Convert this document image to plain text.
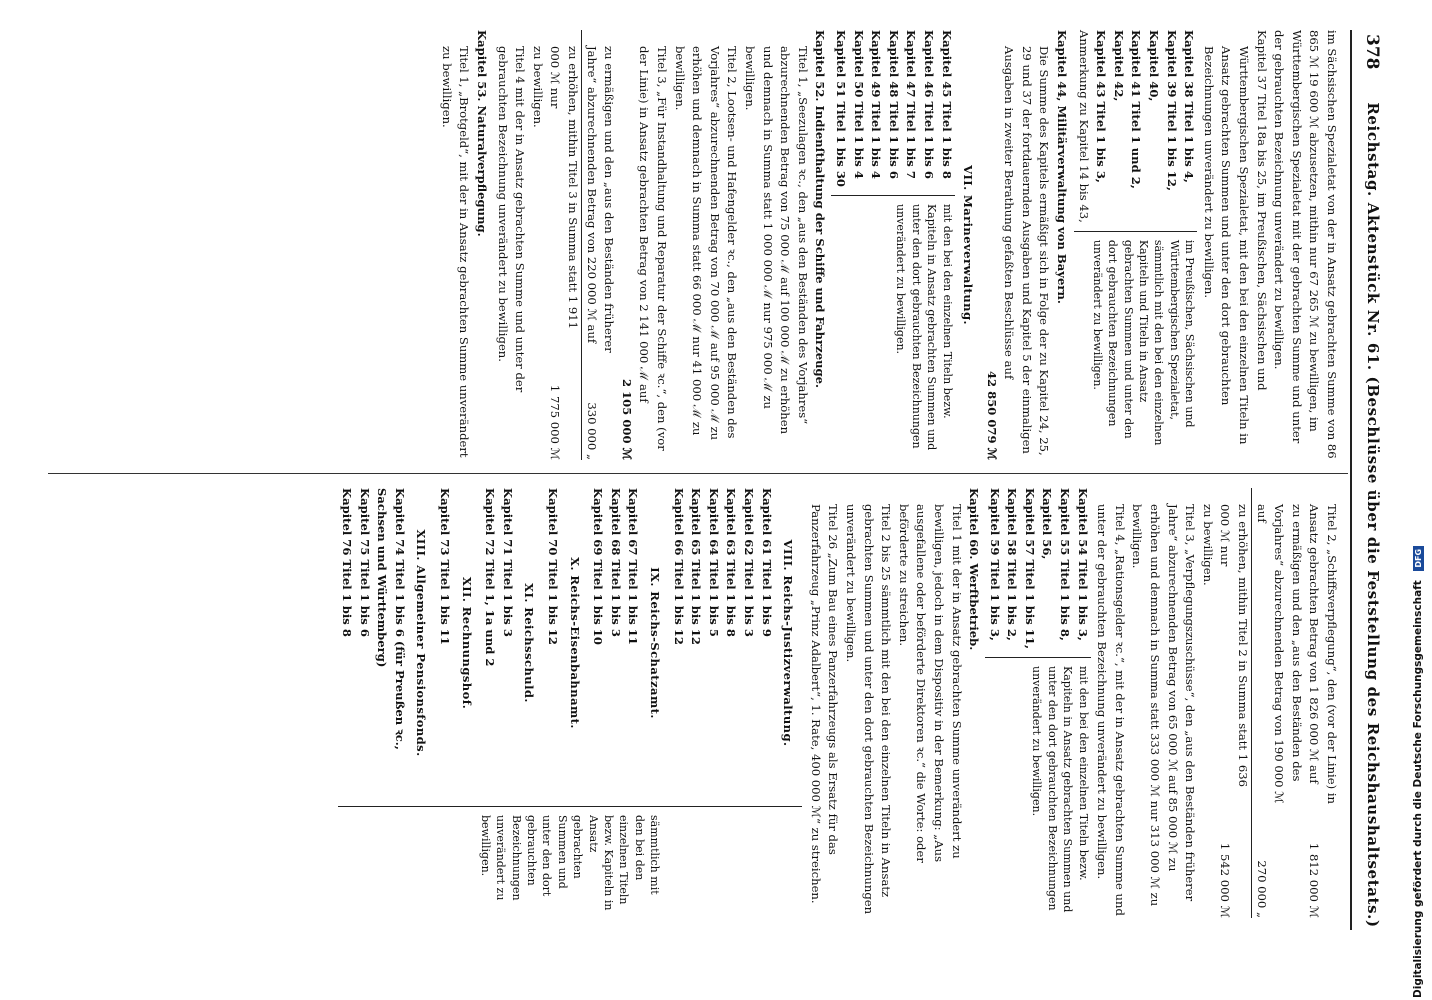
378
Reichstag. Aktenstück Nr. 61. (Beschlüsse über die Feststellung des Reichshaushaltsetats.)

im Sächsischen Spezialetat von der in Ansatz gebrachten Summe von 86 865 ℳ 19 600 ℳ abzusetzen, mithin nur 67 265 ℳ zu bewilligen, im Württembergischen Spezialetat mit der gebrachten Summe und unter der gebrauchten Bezeichnung unverändert zu bewilligen.

Kapitel 37 Titel 18a bis 25, im Preußischen, Sächsischen und Württembergischen Spezialetat, mit den bei den einzelnen Titeln in Ansatz gebrachten Summen und unter den dort gebrauchten Bezeichnungen unverändert zu bewilligen.

Kapitel 38 Titel 1 bis 4,

Kapitel 39 Titel 1 bis 12,

Kapitel 40,

Kapitel 41 Titel 1 und 2,

Kapitel 42,

Kapitel 43 Titel 1 bis 3,

Anmerkung zu Kapitel 14 bis 43,

im Preußischen, Sächsischen und Württembergischen Spezialetat, sämmtlich mit den bei den einzelnen Kapiteln und Titeln in Ansatz gebrachten Summen und unter den dort gebrauchten Bezeichnungen unverändert zu bewilligen.

Kapitel 44, Militärverwaltung von Bayern.

Die Summe des Kapitels ermäßigt sich in Folge der zu Kapitel 24, 25, 29 und 37 der fortdauernden Ausgaben und Kapitel 5 der einmaligen Ausgaben in zweiter Berathung gefaßten Beschlüsse auf

42 850 079 ℳ

VII. Marineverwaltung.

Kapitel 45 Titel 1 bis 8

Kapitel 46 Titel 1 bis 6

Kapitel 47 Titel 1 bis 7

Kapitel 48 Titel 1 bis 6

Kapitel 49 Titel 1 bis 4

Kapitel 50 Titel 1 bis 4

Kapitel 51 Titel 1 bis 30

mit den bei den einzelnen Titeln bezw. Kapiteln in Ansatz gebrachten Summen und unter den dort gebrauchten Bezeichnungen unverändert zu bewilligen.

Kapitel 52. Indienſthaltung der Schiffe und Fahrzeuge.

Titel 1, „Seezulagen ꝛc., den „aus den Beständen des Vorjahres“ abzurechnenden Betrag von 75 000 ℳ auf 100 000 ℳ zu erhöhen und demnach in Summa statt 1 000 000 ℳ nur 975 000 ℳ zu bewilligen.

Titel 2, Lootsen- und Hafengelder ꝛc., den „aus den Beständen des Vorjahres“ abzurechnenden Betrag von 70 000 ℳ auf 95 000 ℳ zu erhöhen und demnach in Summa statt 66 000 ℳ nur 41 000 ℳ zu bewilligen.

Titel 3, „Für Instandhaltung und Reparatur der Schiffe ꝛc.“, den (vor der Linie) in Ansatz gebrachten Betrag von 2 141 000 ℳ auf

2 105 000 ℳ

zu ermäßigen und den „aus den Beständen früherer Jahre“ abzurechnenden Betrag von 220 000 ℳ auf
330 000 „
zu erhöhen, mithin Titel 3 in Summa statt 1 911 000 ℳ nur
1 775 000 ℳ

zu bewilligen.

Titel 4 mit der in Ansatz gebrachten Summe und unter der gebrauchten Bezeichnung unverändert zu bewilligen.

Kapitel 53. Naturalverpflegung.

Titel 1, „Brotgeld“, mit der in Ansatz gebrachten Summe unverändert zu bewilligen.

Titel 2, „Schiffsverpflegung“, den (vor der Linie) in Ansatz gebrachten Betrag von 1 826 000 ℳ auf
1 812 000 ℳ
zu ermäßigen und den „aus den Beständen des Vorjahres“ abzurechnenden Betrag von 190 000 ℳ auf
270 000 „
zu erhöhen, mithin Titel 2 in Summa statt 1 636 000 ℳ nur
1 542 000 ℳ

zu bewilligen.

Titel 3, „Verpflegungszuschüsse“, den „aus den Beständen früherer Jahre“ abzurechnenden Betrag von 65 000 ℳ auf 85 000 ℳ zu erhöhen und demnach in Summa statt 333 000 ℳ nur 313 000 ℳ zu bewilligen.

Titel 4, „Rationsgelder ꝛc.“, mit der in Ansatz gebrachten Summe und unter der gebrauchten Bezeichnung unverändert zu bewilligen.

Kapitel 54 Titel 1 bis 3,

Kapitel 55 Titel 1 bis 8,

Kapitel 56,

Kapitel 57 Titel 1 bis 11,

Kapitel 58 Titel 1 bis 2,

Kapitel 59 Titel 1 bis 3,

mit den bei den einzelnen Titeln bezw. Kapiteln in Ansatz gebrachten Summen und unter den dort gebrauchten Bezeichnungen unverändert zu bewilligen.

Kapitel 60. Werftbetrieb.

Titel 1 mit der in Ansatz gebrachten Summe unverändert zu bewilligen, jedoch in dem Dispositiv in der Bemerkung: „Aus ausgefallene oder beförderte Direktoren ꝛc.“ die Worte: oder beförderte zu streichen.

Titel 2 bis 25 sämmtlich mit den bei den einzelnen Titeln in Ansatz gebrachten Summen und unter den dort gebrauchten Bezeichnungen unverändert zu bewilligen.

Titel 26 „Zum Bau eines Panzerfahrzeugs als Ersatz für das Panzerfahrzeug „Prinz Adalbert“, 1. Rate, 400 000 ℳ“ zu streichen.

VIII. Reichs-Justizverwaltung.

Kapitel 61 Titel 1 bis 9

Kapitel 62 Titel 1 bis 3

Kapitel 63 Titel 1 bis 8

Kapitel 64 Titel 1 bis 5

Kapitel 65 Titel 1 bis 12

Kapitel 66 Titel 1 bis 12

IX. Reichs-Schatzamt.

Kapitel 67 Titel 1 bis 11

Kapitel 68 Titel 1 bis 3

Kapitel 69 Titel 1 bis 10

X. Reichs-Eisenbahnamt.

Kapitel 70 Titel 1 bis 12

XI. Reichsschuld.

Kapitel 71 Titel 1 bis 3

Kapitel 72 Titel 1, 1a und 2

XII. Rechnungshof.

Kapitel 73 Titel 1 bis 11

XIII. Allgemeiner Pensionsfonds.

Kapitel 74 Titel 1 bis 6 (für Preußen ꝛc., Sachsen und Württemberg)

Kapitel 75 Titel 1 bis 6

Kapitel 76 Titel 1 bis 8

sämmtlich mit den bei den einzelnen Titeln bezw. Kapiteln in Ansatz gebrachten Summen und unter den dort gebrauchten Bezeichnungen unverändert zu bewilligen.	Digitalisierung gefördert durch die Deutsche Forschungsgemeinschaft DFG
